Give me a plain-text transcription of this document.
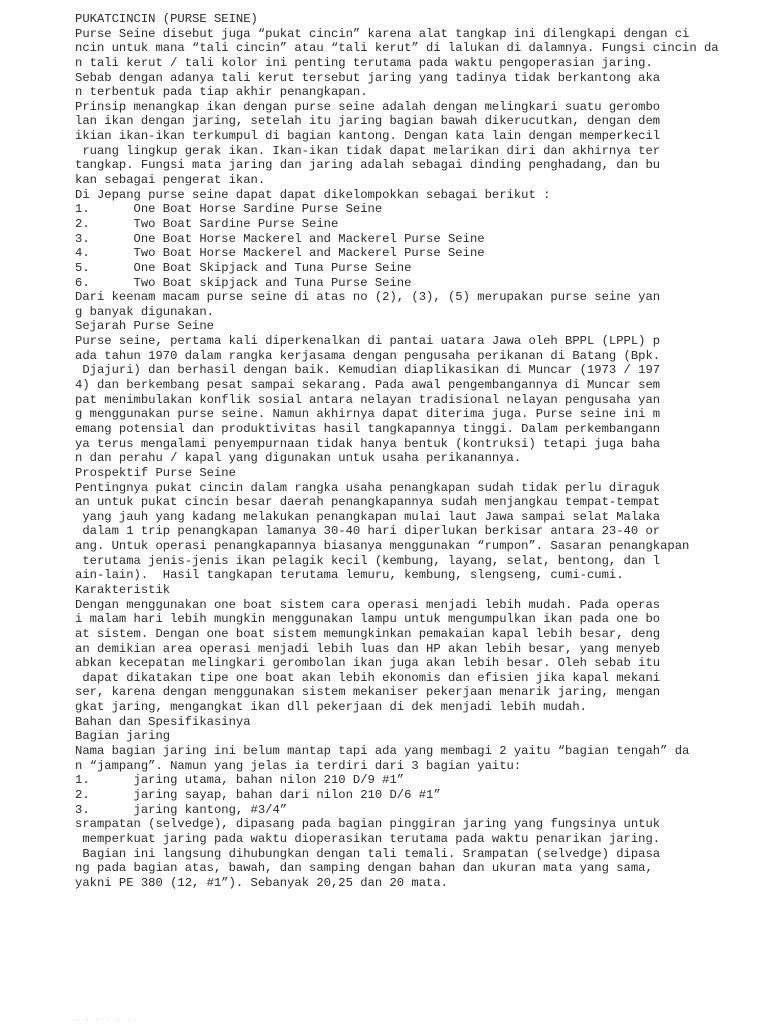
PUKATCINCIN (PURSE SEINE)
Purse Seine disebut juga “pukat cincin” karena alat tangkap ini dilengkapi dengan ci
ncin untuk mana “tali cincin” atau “tali kerut” di lalukan di dalamnya. Fungsi cincin da
n tali kerut / tali kolor ini penting terutama pada waktu pengoperasian jaring.
Sebab dengan adanya tali kerut tersebut jaring yang tadinya tidak berkantong aka
n terbentuk pada tiap akhir penangkapan.
Prinsip menangkap ikan dengan purse seine adalah dengan melingkari suatu gerombo
lan ikan dengan jaring, setelah itu jaring bagian bawah dikerucutkan, dengan dem
ikian ikan-ikan terkumpul di bagian kantong. Dengan kata lain dengan memperkecil
ruang lingkup gerak ikan. Ikan-ikan tidak dapat melarikan diri dan akhirnya ter
tangkap. Fungsi mata jaring dan jaring adalah sebagai dinding penghadang, dan bu
kan sebagai pengerat ikan.
Di Jepang purse seine dapat dapat dikelompokkan sebagai berikut :
1.      One Boat Horse Sardine Purse Seine
2.      Two Boat Sardine Purse Seine
3.      One Boat Horse Mackerel and Mackerel Purse Seine
4.      Two Boat Horse Mackerel and Mackerel Purse Seine
5.      One Boat Skipjack and Tuna Purse Seine
6.      Two Boat skipjack and Tuna Purse Seine
Dari keenam macam purse seine di atas no (2), (3), (5) merupakan purse seine yan
g banyak digunakan.
Sejarah Purse Seine
Purse seine, pertama kali diperkenalkan di pantai uatara Jawa oleh BPPL (LPPL) p
ada tahun 1970 dalam rangka kerjasama dengan pengusaha perikanan di Batang (Bpk.
Djajuri) dan berhasil dengan baik. Kemudian diaplikasikan di Muncar (1973 / 197
4) dan berkembang pesat sampai sekarang. Pada awal pengembangannya di Muncar sem
pat menimbulakan konflik sosial antara nelayan tradisional nelayan pengusaha yan
g menggunakan purse seine. Namun akhirnya dapat diterima juga. Purse seine ini m
emang potensial dan produktivitas hasil tangkapannya tinggi. Dalam perkembangann
ya terus mengalami penyempurnaan tidak hanya bentuk (kontruksi) tetapi juga baha
n dan perahu / kapal yang digunakan untuk usaha perikanannya.
Prospektif Purse Seine
Pentingnya pukat cincin dalam rangka usaha penangkapan sudah tidak perlu diraguk
an untuk pukat cincin besar daerah penangkapannya sudah menjangkau tempat-tempat
yang jauh yang kadang melakukan penangkapan mulai laut Jawa sampai selat Malaka
dalam 1 trip penangkapan lamanya 30-40 hari diperlukan berkisar antara 23-40 or
ang. Untuk operasi penangkapannya biasanya menggunakan “rumpon”. Sasaran penangkapan
terutama jenis-jenis ikan pelagik kecil (kembung, layang, selat, bentong, dan l
ain-lain).  Hasil tangkapan terutama lemuru, kembung, slengseng, cumi-cumi.
Karakteristik
Dengan menggunakan one boat sistem cara operasi menjadi lebih mudah. Pada operas
i malam hari lebih mungkin menggunakan lampu untuk mengumpulkan ikan pada one bo
at sistem. Dengan one boat sistem memungkinkan pemakaian kapal lebih besar, deng
an demikian area operasi menjadi lebih luas dan HP akan lebih besar, yang menyeb
abkan kecepatan melingkari gerombolan ikan juga akan lebih besar. Oleh sebab itu
dapat dikatakan tipe one boat akan lebih ekonomis dan efisien jika kapal mekani
ser, karena dengan menggunakan sistem mekaniser pekerjaan menarik jaring, mengan
gkat jaring, mengangkat ikan dll pekerjaan di dek menjadi lebih mudah.
Bahan dan Spesifikasinya
Bagian jaring
Nama bagian jaring ini belum mantap tapi ada yang membagi 2 yaitu “bagian tengah” da
n “jampang”. Namun yang jelas ia terdiri dari 3 bagian yaitu:
1.      jaring utama, bahan nilon 210 D/9 #1”
2.      jaring sayap, bahan dari nilon 210 D/6 #1”
3.      jaring kantong, #3/4”
srampatan (selvedge), dipasang pada bagian pinggiran jaring yang fungsinya untuk
memperkuat jaring pada waktu dioperasikan terutama pada waktu penarikan jaring.
Bagian ini langsung dihubungkan dengan tali temali. Srampatan (selvedge) dipasa
ng pada bagian atas, bawah, dan samping dengan bahan dan ukuran mata yang sama,
yakni PE 380 (12, #1”). Sebanyak 20,25 dan 20 mata.
······
